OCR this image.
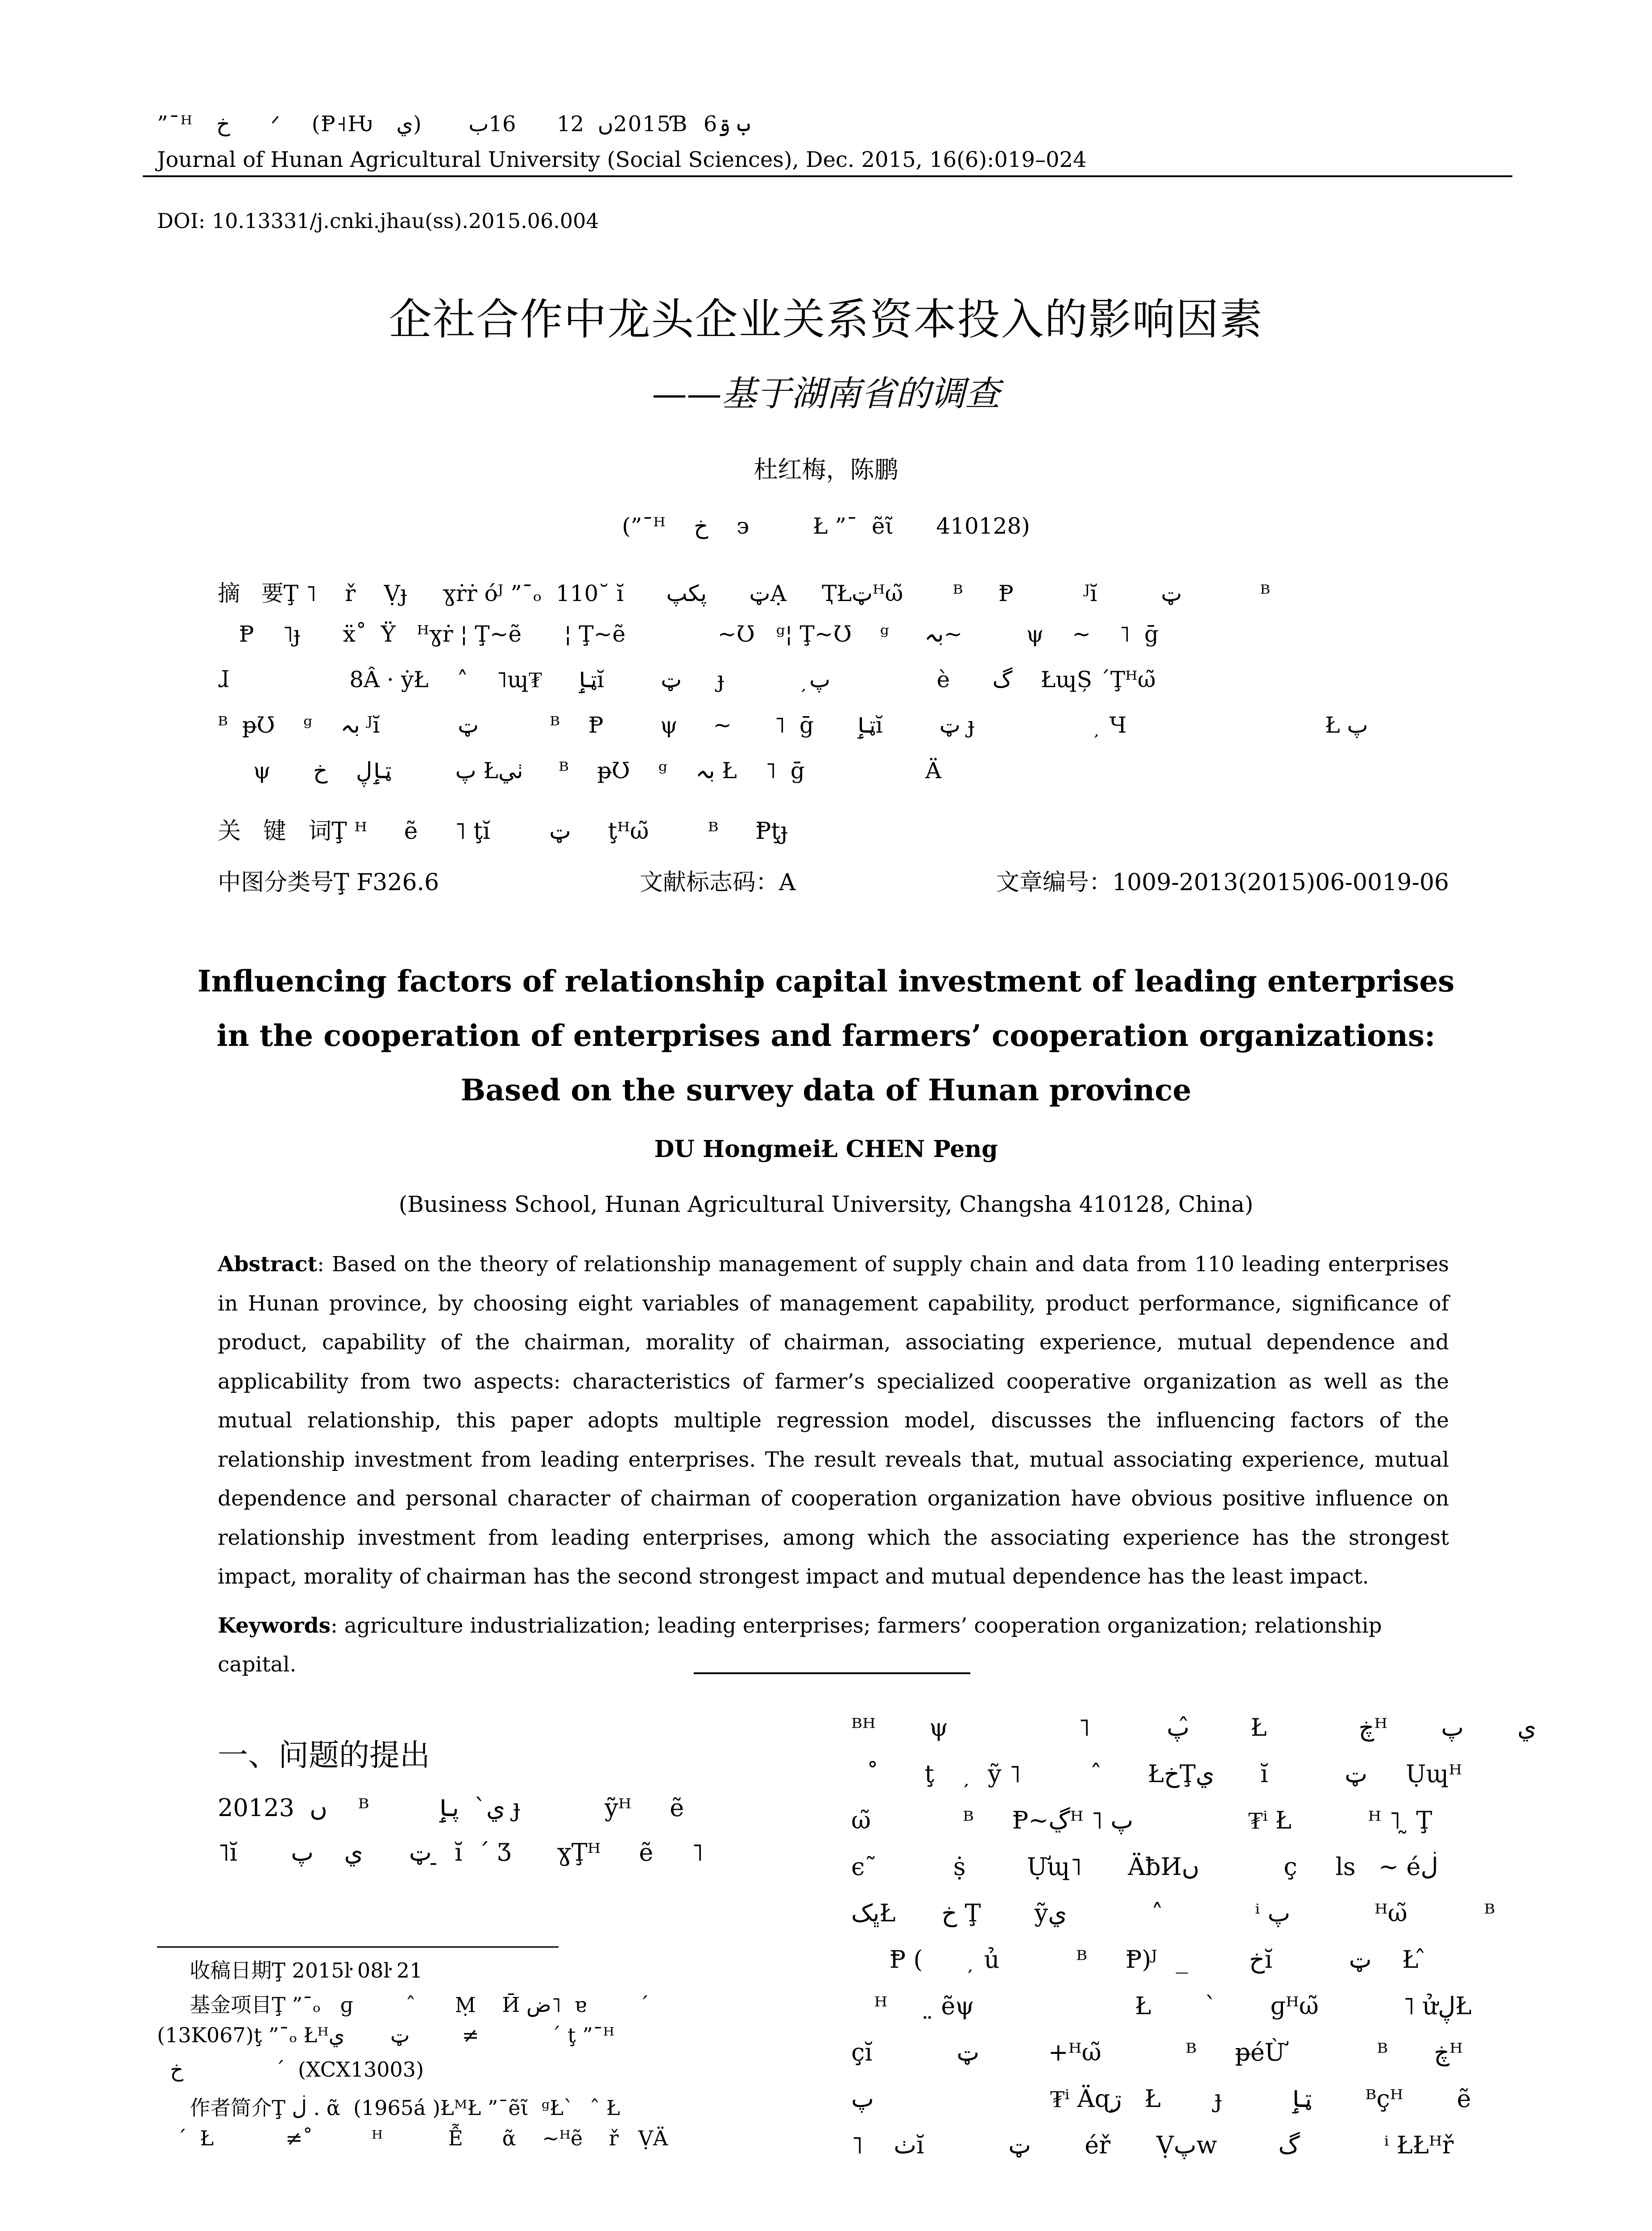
”¯ᴴ   خ      ᐟ    (Ᵽ˧Ƕ   ي)      2015ں  12      16بƁ  6ب ۊ
Journal of Hunan Agricultural University (Social Sciences), Dec. 2015, 16(6):019–024
DOI: 10.13331/j.cnki.jhau(ss).2015.06.004
企社合作中龙头企业关系资本投入的影响因素
——基于湖南省的调查
杜红梅，陈鹏
(”¯ᴴ    خ    ϶         Ł ”¯  ẽῖ      410128)
摘   要Ţ ˥    ř    Ṿɟ     ɣṙṙ óᴶ ”¯ₒ  110˘ ĭ      ټ      ڽکپẠ     ҬŁټᴴω̃       ᴮ     Ᵽ          ᴶĭ         ټ           ᴮ
Ᵽ    ˥ɟ      ẍ˚  Ÿ   ᴴɣṙ ¦ Ţ~ẽ      ¦ Ţ~ẽ             ~Ʊ   ᵍ¦ Ţ~Ʊ    ᵍ     بہ~         ψ    ~    ˥  ḡ
ɺ                 8Â · ẏŁ    ˄    ˥ɰ₮     ټٳĭ        ټ     ɟ            ̦پ               è      گ    ŁɰȘ ´Ţᴴω̃
ᴮ  ᵽƱ    ᵍ    بہ ᴶĭ           ټ          ᴮ    Ᵽ        ψ     ~      ˥  ḡ      ټٳĭ        ټ ɟ                  ̦ Ɥ                            Ł پ
ψ      پ         ټٳڸ    خ Łٺي     ᴮ    ᵽƱ    ᵍ    بہ Ł    ˥  ḡ                 Ä
关   键   词Ţ ᴴ     ẽ     ˥ ţĭ        ټ     ţᴴω̃        ᴮ     Ᵽţɟ
中图分类号Ţ F326.6	文献标志码：A	文章编号：1009-2013(2015)06-0019-06
Influencing factors of relationship capital investment of leading enterprises
in the cooperation of enterprises and farmers’ cooperation organizations:
Based on the survey data of Hunan province
DU HongmeiŁ CHEN Peng
(Business School, Hunan Agricultural University, Changsha 410128, China)
Abstract: Based on the theory of relationship management of supply chain and data from 110 leading enterprises in Hunan province, by choosing eight variables of management capability, product performance, significance of product, capability of the chairman, morality of chairman, associating experience, mutual dependence and applicability from two aspects: characteristics of farmer’s specialized cooperative organization as well as the mutual relationship, this paper adopts multiple regression model, discusses the influencing factors of the relationship investment from leading enterprises. The result reveals that, mutual associating experience, mutual dependence and personal character of chairman of cooperation organization have obvious positive influence on relationship investment from leading enterprises, among which the associating experience has the strongest impact, morality of chairman has the second strongest impact and mutual dependence has the least impact.
Keywords: agriculture industrialization; leading enterprises; farmers’ cooperation organization; relationship capital.
一、问题的提出
2012ں  3    ᴮ         ي`  پٳ ɟ           ỹᴴ     ẽ
˥ĭ       ټ      ي    پ  ̠ ĭ  ´ Ʒ      ɣŢᴴ     ẽ     ˥
收稿日期Ţ 2015ŀ 08ŀ 21
基金项目Ţ ”¯ₒ   ɡ        ˆ      Ṃ    Ӣ ض˥  ɐ        ˊ
(13K067)ţ ”¯ₒ Łᴴټ       ي        ≠           ˊ ţ ”¯ᴴ
خ              ˊ  (XCX13003)
作者简介Ţ ڶ . ᾶ  (1965á )ŁᴹŁ ”¯ẽῖ  ᵍŁ`    ̂ Ł
´  Ł           ≠˚         ᴴ          Ễ      ᾶ    ~ᴴẽ    ř   ṾÄ
ᴮᴴ       ψ                 ˥          پ ̂       Ł            ڿᴴ       ي       پ
˚      ţ     ̦  ỹ ˥         ˆ      ŁخŢي      ĭ          ټ     Ụɰᴴ
ω̃            ᴮ     Ᵽ~ڲᴴ ˥ پ               ₮ⁱ Ł          ᴴ ˥ ̰ Ţ
є˜          ṩ        Ựɰ˥      ÄƀИں           ç     ls   ~ éڶ
ڀکŁ      خ Ţ       ỹي           ˄            ⁱ پ           ᴴω̃          ᴮ
Ᵽ (       ̦ ủ          ᴮ     Ᵽ)ᴶ    ̲        خĭ          ټ    Ł ̂
ᴴ      ̤ ẽψ                     Ł       `       ɡᴴω̃           ˥ ửڸŁ
çĭ           ټ         +ᴴω̃           ᴮ     ᵽéỪ            ᴮ      ڿᴴ
پ                       ₮ⁱ Äɋڗ   Ł       ɟ         ټٳ       ᴮçᴴ       ẽ
˥    ٺĭ           ټ       éř      Ṿپw        گ           ⁱ ŁŁᴴř
